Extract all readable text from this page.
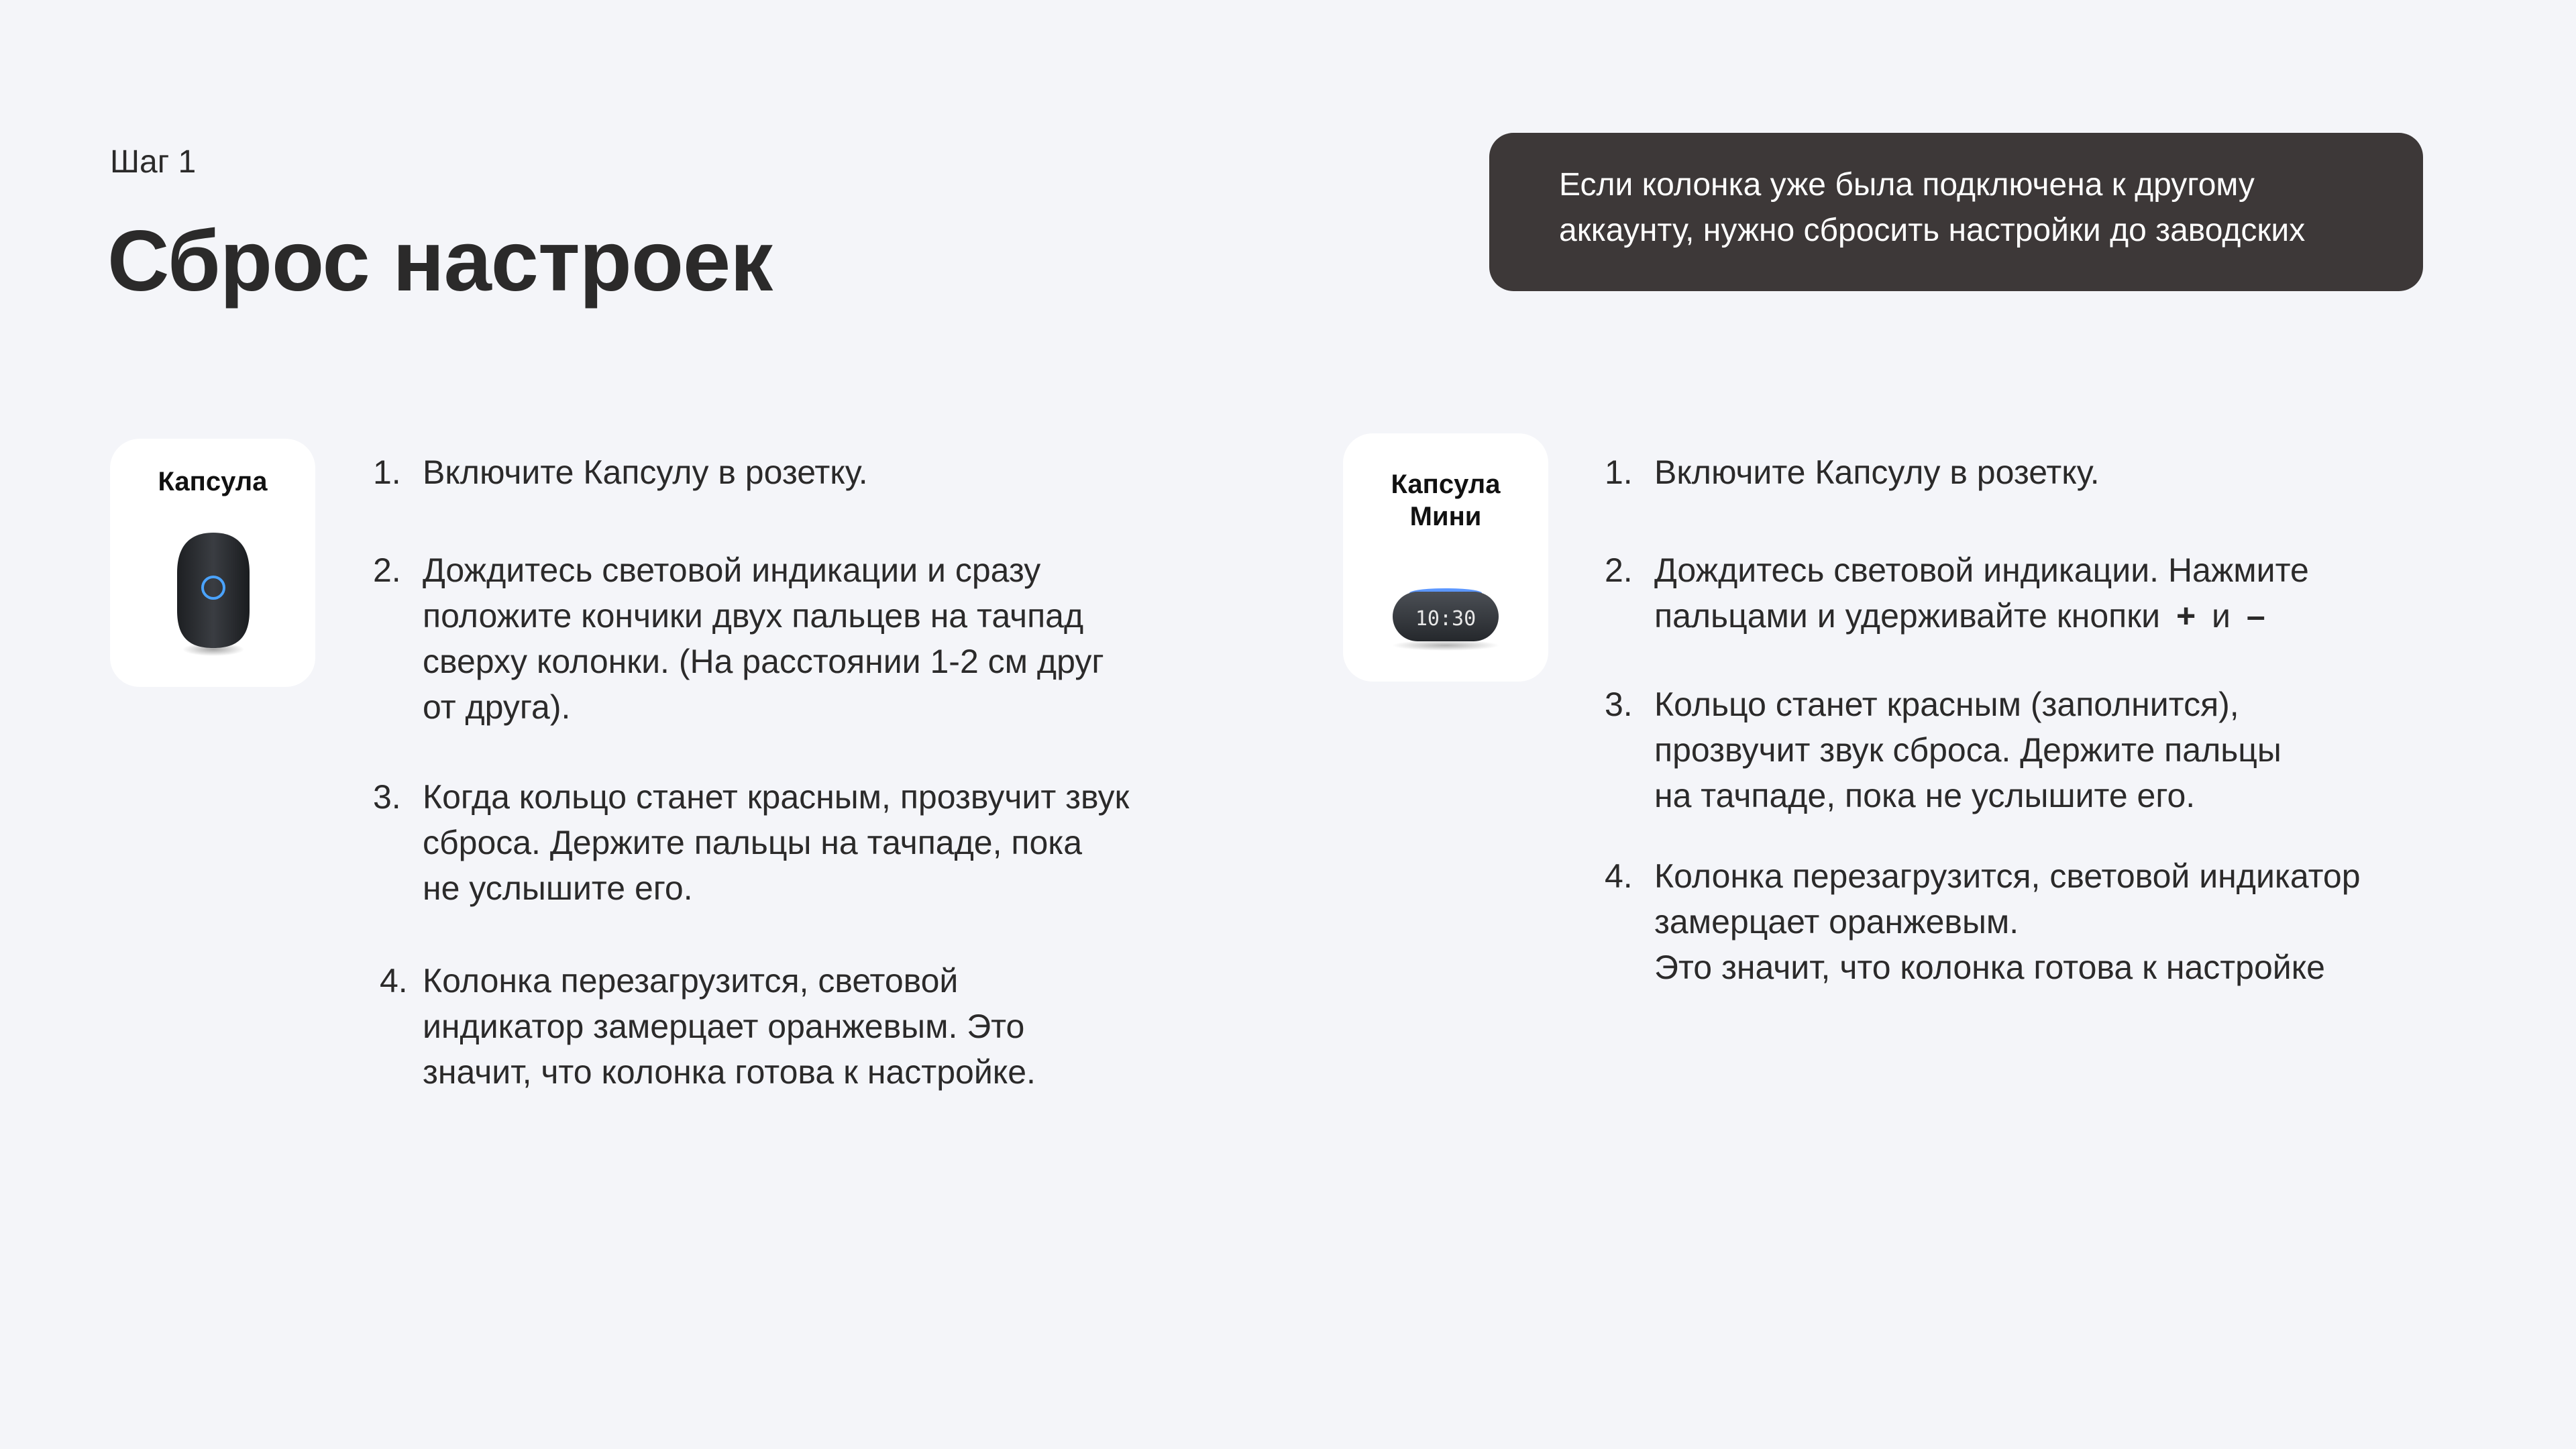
Шаг 1
Сброс настроек
Если колонка уже была подключена к другому
аккаунту, нужно сбросить настройки до заводских
Капсула	Капсула
Мини
10:30
1. Включите Капсулу в розетку.
2. Дождитесь световой индикации и сразу
положите кончики двух пальцев на тачпад
сверху колонки. (На расстоянии 1-2 см друг
от друга).
3. Когда кольцо станет красным, прозвучит звук
сброса. Держите пальцы на тачпаде, пока
не услышите его.
4. Колонка перезагрузится, световой
индикатор замерцает оранжевым. Это
значит, что колонка готова к настройке.
1. Включите Капсулу в розетку.
2. Дождитесь световой индикации. Нажмите
пальцами и удерживайте кнопки + и –
3. Кольцо станет красным (заполнится),
прозвучит звук сброса. Держите пальцы
на тачпаде, пока не услышите его.
4. Колонка перезагрузится, световой индикатор
замерцает оранжевым.
Это значит, что колонка готова к настройке
